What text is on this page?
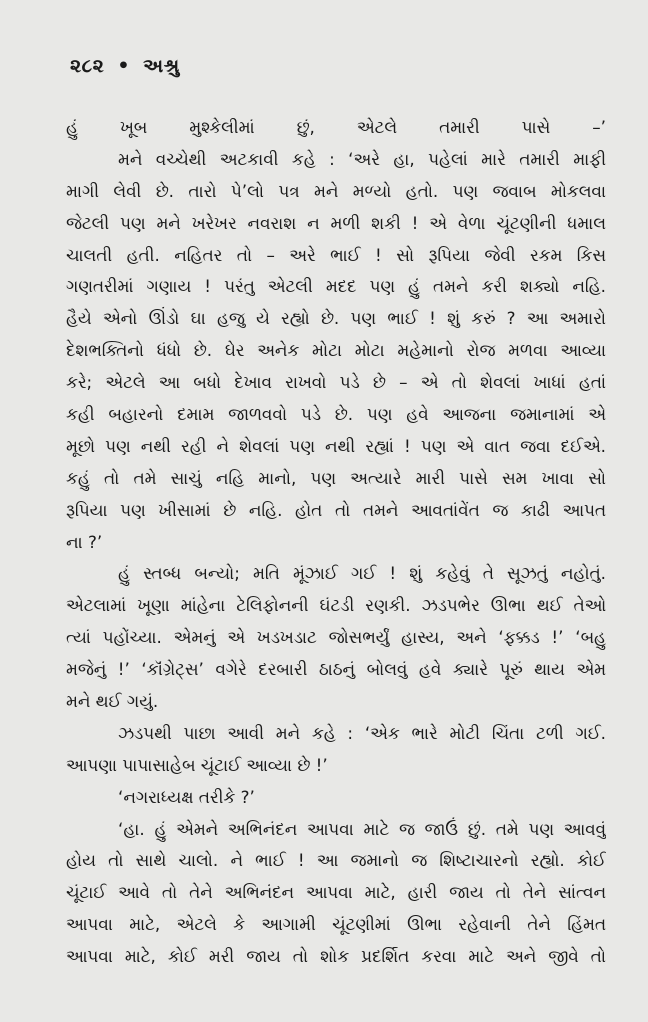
૨૮૨ • અશ્રુ
હું ખૂબ મુશ્કેલીમાં છું, એટલે તમારી પાસે –’
મને વચ્ચેથી અટકાવી કહે : ‘અરે હા, પહેલાં મારે તમારી માફી
માગી લેવી છે. તારો પે’લો પત્ર મને મળ્યો હતો. પણ જવાબ મોકલવા
જેટલી પણ મને ખરેખર નવરાશ ન મળી શકી ! એ વેળા ચૂંટણીની ધમાલ
ચાલતી હતી. નહિતર તો – અરે ભાઈ ! સો રૂપિયા જેવી રકમ કિસ
ગણતરીમાં ગણાય ! પરંતુ એટલી મદદ પણ હું તમને કરી શક્યો નહિ.
હૈયે એનો ઊંડો ઘા હજુ યે રહ્યો છે. પણ ભાઈ ! શું કરું ? આ અમારો
દેશભક્તિનો ધંધો છે. ઘેર અનેક મોટા મોટા મહેમાનો રોજ મળવા આવ્યા
કરે; એટલે આ બધો દેખાવ રાખવો પડે છે – એ તો શેવલાં ખાધાં હતાં
કહી બહારનો દમામ જાળવવો પડે છે. પણ હવે આજના જમાનામાં એ
મૂછો પણ નથી રહી ને શેવલાં પણ નથી રહ્યાં ! પણ એ વાત જવા દઈએ.
કહું તો તમે સાચું નહિ માનો, પણ અત્યારે મારી પાસે સમ ખાવા સો
રૂપિયા પણ ખીસામાં છે નહિ. હોત તો તમને આવતાંવેંત જ કાઢી આપત
ના ?’
હું સ્તબ્ધ બન્યો; મતિ મૂંઝાઈ ગઈ ! શું કહેવું તે સૂઝતું નહોતું.
એટલામાં ખૂણા માંહેના ટેલિફોનની ઘંટડી રણકી. ઝડપભેર ઊભા થઈ તેઓ
ત્યાં પહોંચ્યા. એમનું એ ખડખડાટ જોસભર્યું હાસ્ય, અને ‘ફક્કડ !’ ‘બહુ
મજેનું !’ ‘કૉંગ્રેટ્સ’ વગેરે દરબારી ઠાઠનું બોલવું હવે ક્યારે પૂરું થાય એમ
મને થઈ ગયું.
ઝડપથી પાછા આવી મને કહે : ‘એક ભારે મોટી ચિંતા ટળી ગઈ.
આપણા પાપાસાહેબ ચૂંટાઈ આવ્યા છે !’
‘નગરાધ્યક્ષ તરીકે ?’
‘હા. હું એમને અભિનંદન આપવા માટે જ જાઉં છું. તમે પણ આવવું
હોય તો સાથે ચાલો. ને ભાઈ ! આ જમાનો જ શિષ્ટાચારનો રહ્યો. કોઈ
ચૂંટાઈ આવે તો તેને અભિનંદન આપવા માટે, હારી જાય તો તેને સાંત્વન
આપવા માટે, એટલે કે આગામી ચૂંટણીમાં ઊભા રહેવાની તેને હિંમત
આપવા માટે, કોઈ મરી જાય તો શોક પ્રદર્શિત કરવા માટે અને જીવે તો
